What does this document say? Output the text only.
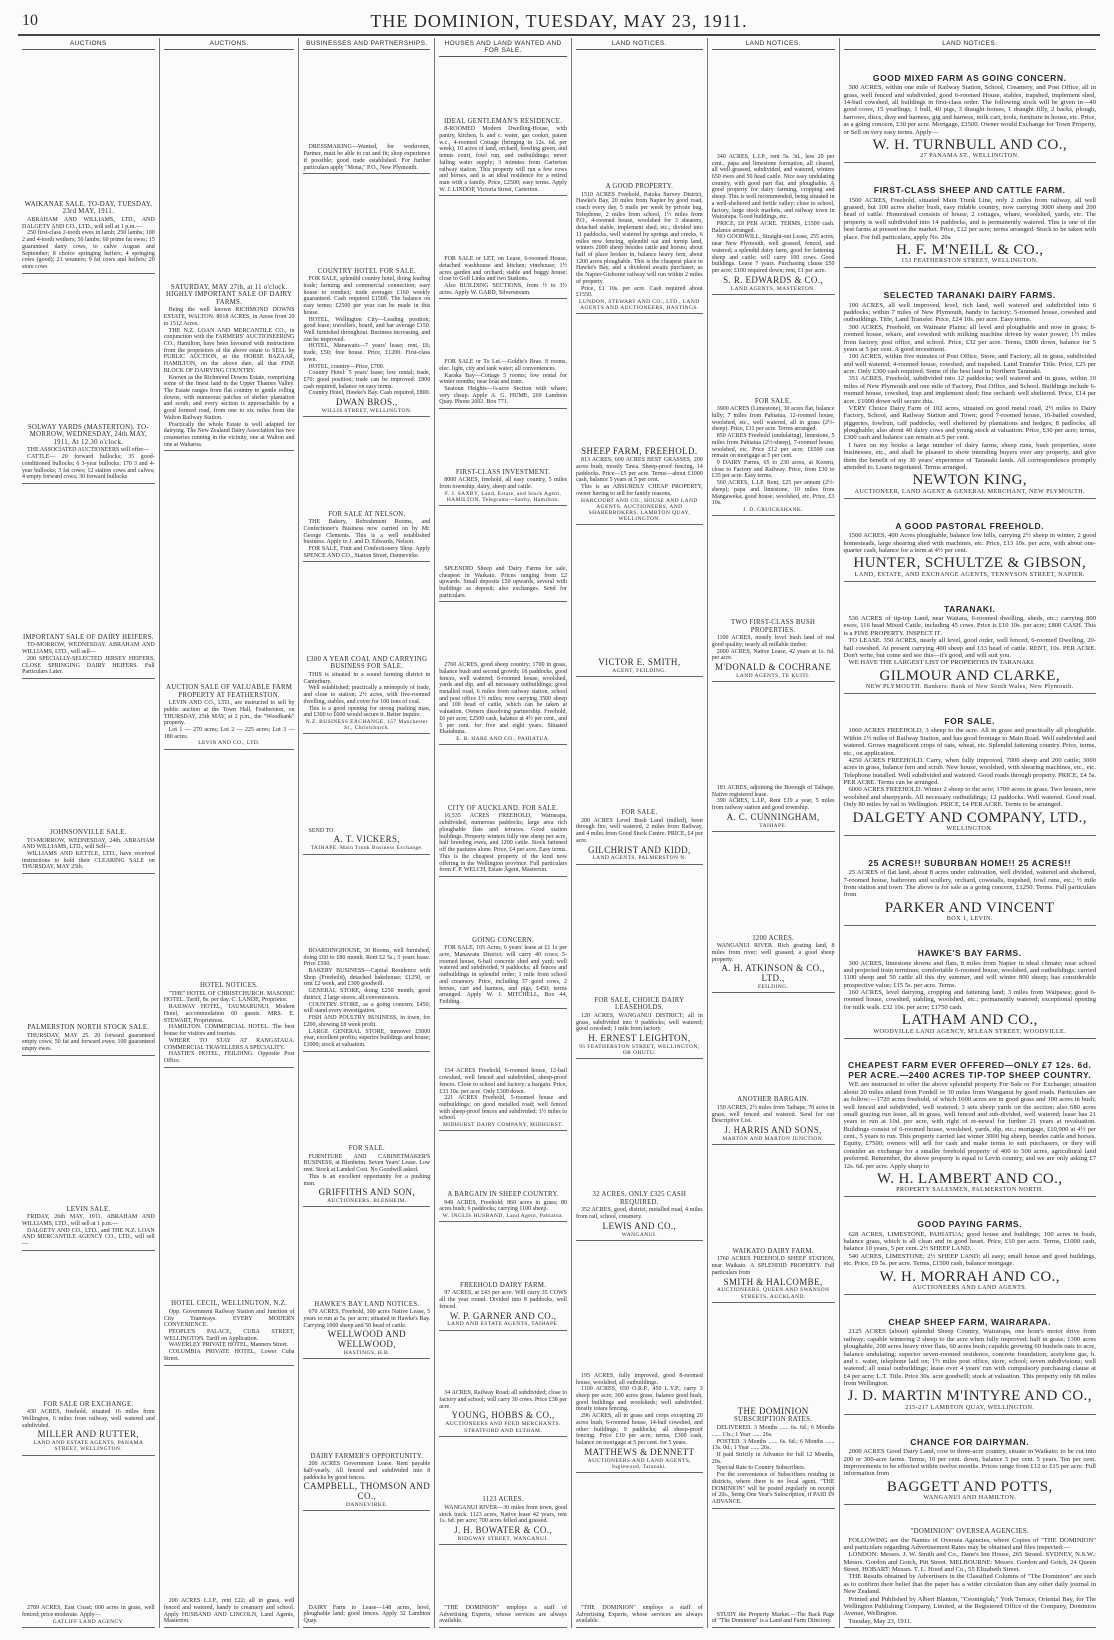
10	THE DOMINION, TUESDAY, MAY 23, 1911.
AUCTIONS
WAIKANAE SALE. TO-DAY, TUESDAY, 23rd MAY, 1911.

ABRAHAM AND WILLIAMS, LTD., AND DALGETY AND CO., LTD., will sell at 1 p.m.—

250 first-class 2-tooth ewes in lamb; 250 lambs; 100 2 and 4-tooth wethers; 50 lambs; 60 prime fat ewes; 15 guaranteed dairy cows, to calve August and September; 8 choice springing heifers; 4 springing cows (good); 21 weaners; 9 fat cows and heifers; 20 store cows

SOLWAY YARDS (MASTERTON). TO-MORROW, WEDNESDAY, 24th MAY, 1911, At 12.30 o'clock.

THE ASSOCIATED AUCTIONEERS will offer—

CATTLE— 20 forward bullocks; 35 good-conditioned bullocks; 6 3-year bullocks; 170 3 and 4-year bullocks; 3 fat cows; 12 station cows and calves; 4 empty forward cows; 30 forward bullocks

IMPORTANT SALE OF DAIRY HEIFERS.

TO-MORROW, WEDNESDAY. ABRAHAM AND WILLIAMS, LTD., will sell—

200 SPECIALLY-SELECTED JERSEY HEIFERS, CLOSE SPRINGING DAIRY HEIFERS. Full Particulars Later.

JOHNSONVILLE SALE.

TO-MORROW, WEDNESDAY, 24th. ABRAHAM AND WILLIAMS, LTD., will Sell—

WILLIAMS AND KETTLE, LTD., have received instructions to hold their CLEARING SALE on THURSDAY, MAY 25th.

PALMERSTON NORTH STOCK SALE.

THURSDAY, MAY 25. 20 forward guaranteed empty cows; 50 fat and forward ewes; 100 guaranteed empty ewes.

LEVIN SALE.

FRIDAY, 26th MAY, 1911. ABRAHAM AND WILLIAMS, LTD., will sell at 1 p.m.—

DALGETY AND CO., LTD., and THE N.Z. LOAN AND MERCANTILE AGENCY CO., LTD., will sell—

FOR SALE OR EXCHANGE.

430 ACRES, freehold, situated 16 miles from Wellington, 6 miles from railway, well watered and subdivided.

MILLER AND RUTTER,
LAND AND ESTATE AGENTS, PANAMA STREET, WELLINGTON.

2789 ACRES, East Coast; 600 acres in grass, well fenced; price moderate. Apply—

GATLIFF LAND AGENCY.
AUCTIONS.
SATURDAY, MAY 27th, at 11 o'clock. HIGHLY IMPORTANT SALE OF DAIRY FARMS.

Being the well known RICHMOND DOWNS ESTATE, WALTON. 8018 ACRES, in Areas from 20 to 1512 Acres.

THE N.Z. LOAN AND MERCANTILE CO., in conjunction with the FARMERS' AUCTIONEERING CO., Hamilton, have been favoured with instructions from the proprietors of the above estate to SELL by PUBLIC AUCTION, at the HORSE BAZAAR, HAMILTON, on the above date, all that FINE BLOCK OF DAIRYING COUNTRY.

Known as the Richmond Downs Estate, comprising some of the finest land in the Upper Thames Valley. The Estate ranges from flat country to gentle rolling downs, with numerous patches of shelter plantation and scrub; and every section is approachable by a good formed road, from one to six miles from the Walton Railway Station.

Practically the whole Estate is well adapted for dairying. The New Zealand Dairy Association has two creameries running in the vicinity, one at Walton and one at Waharoa.

AUCTION SALE OF VALUABLE FARM PROPERTY AT FEATHERSTON.

LEVIN AND CO., LTD., are instructed to sell by public auction at the Town Hall, Featherston, on THURSDAY, 25th MAY, at 2 p.m., the "Woodbank" property.

Lot 1 — 270 acres; Lot 2 — 225 acres; Lot 3 — 180 acres.

LEVIN AND CO., LTD.
HOTEL NOTICES.

"THE" HOTEL OF CHRISTCHURCH. MASONIC HOTEL. Tariff, 8s. per day. C. LANDE, Proprietor.

RAILWAY HOTEL, TAUMARUNUI. Modern Hotel, accommodation 60 guests. MRS. E. STEWART, Proprietress.

HAMILTON. COMMERCIAL HOTEL. The best house for visitors and tourists.

WHERE TO STAY AT RANGATAUA. COMMERCIAL TRAVELLERS A SPECIALITY.

HASTIE'S HOTEL, FEILDING. Opposite Post Office.

HOTEL CECIL, WELLINGTON, N.Z.

Opp. Government Railway Station and Junction of City Tramways. EVERY MODERN CONVENIENCE.

PEOPLE'S PALACE, CUBA STREET, WELLINGTON. Tariff on Application.

WAVERLEY PRIVATE HOTEL, Manners Street.

COLUMBIA PRIVATE HOTEL, Lower Cuba Street.

200 ACRES L.I.P., rent £22; all in grass, well fenced and watered, handy to creamery and school. Apply HUSBAND AND LINCOLN, Land Agents, Masterton.

BUSINESSES AND PARTNERSHIPS.

DRESSMAKING—Wanted, for workroom, Partner, must be able to cut and fit; shop experience if possible; good trade established. For further particulars apply "Mona," P.O., New Plymouth.

COUNTRY HOTEL FOR SALE.

FOR SALE, splendid country hotel, doing leading trade; farming and commercial connection; easy house to conduct; trade averages £160 weekly guaranteed. Cash required £1500. The balance on easy terms; £2500 per year can be made in this house.

HOTEL, Wellington City—Leading position; good lease; travellers, board, and bar average £150. Well furnished throughout. Business increasing, and can be improved.

HOTEL, Manawatu—7 years' lease; rent, £6; trade, £50; free house. Price, £1200. First-class town.

HOTEL, country—Price, £700.

Country Hotel: 5 years' lease; low rental; trade, £70; good position; trade can be improved: £800 cash required, balance on easy terms.

Country Hotel, Hawke's Bay. Cash required, £800.

DWAN BROS.,
WILLIS STREET, WELLINGTON.
FOR SALE AT NELSON.

THE Bakery, Refreshment Rooms, and Confectioner's Business now carried on by Mr. George Clements. This is a well established business. Apply to J. and D. Edwards, Nelson.

FOR SALE, Fruit and Confectionery Shop. Apply SPENCE AND CO., Station Street, Dannevirke.

£300 A YEAR COAL AND CARRYING BUSINESS FOR SALE.

THIS is situated in a sound farming district in Canterbury.

Well established; practically a monopoly of trade, and close to station; 2½ acres, with five-roomed dwelling, stables, and cover for 100 tons of coal.

This is a good opening for strong pushing man, and £300 to £600 would secure it. Better inquire.

N.Z. BUSINESS EXCHANGE, 157 Manchester St., Christchurch.

SEND TO

A. T. VICKERS,
TAIHAPE. Main Trunk Business Exchange.

BOARDINGHOUSE, 30 Rooms, well furnished, doing £60 to £80 month. Rent £2 5s.; 5 years lease. Price £500.

BAKERY BUSINESS—Capital Residence with Shop (Freehold), detached bakehouse; £1250, or rent £2 week, and £300 goodwill.

GENERAL STORE, doing £250 month; good district; 2 large stores; all conveniences.

COUNTRY STORE, as a going concern; £450; will stand every investigation.

FISH AND POULTRY BUSINESS, in town, for £200, showing £8 week profit.

LARGE GENERAL STORE, turnover £5000 year, excellent profits; superior buildings and house; £1000; stock at valuation.

FOR SALE.

FURNITURE AND CABINETMAKER'S BUSINESS, at Blenheim. Seven Years' Lease. Low rent. Stock at Landed Cost. No Goodwill asked.

This is an excellent opportunity for a pushing man.

GRIFFITHS AND SON,
AUCTIONEERS, BLENHEIM.
HAWKE'S BAY LAND NOTICES.

670 ACRES, Freehold, 300 acres Native Lease, 5 years to run at 5s. per acre; situated in Hawke's Bay. Carrying 1000 sheep and 50 head of cattle.

WELLWOOD AND WELLWOOD,
HASTINGS, H.B.
DAIRY FARMER'S OPPORTUNITY.

200 ACRES Government Lease. Rent payable half-yearly. All fenced and subdivided into 8 paddocks by good fences.

CAMPBELL, THOMSON AND CO.,
DANNEVIRKE.

DAIRY Farm to Lease—148 acres, level, ploughable land; good fences. Apply 32 Lambton Quay.

HOUSES AND LAND WANTED AND FOR SALE.
IDEAL GENTLEMAN'S RESIDENCE.

8-ROOMED Modern Dwelling-House, with pantry, kitchen, h. and c. water, gas cooker, patent w.c., 4-roomed Cottage (bringing in 12s. 6d. per week), 10 acres of land, orchard, bowling green, and tennis court, fowl run, and outbuildings; never failing water supply; 3 minutes from Carterton railway station. This property will run a few cows and horses, and is an ideal residence for a retired man with a family. Price, £2500; easy terms. Apply W. J. LINDOP, Victoria Street, Carterton.

FOR SALE or LET, on Lease, 6-roomed House, detached washhouse and kitchen; vinehouse; 1½ acres garden and orchard; stable and buggy house; close to Golf Links and two Stations.

Also BUILDING SECTIONS, from ½ to 3½ acres. Apply W. GARD, Silverstream.

FOR SALE or To Let.—Goldie's Brae. 8 rooms, elec. light, city and tank water; all conveniences.

Karaka Bay—Cottage 5 rooms; low rental for winter months; near boat and tram.

Seatoun Heights—¼-acre Section with whare; very cheap. Apply A. G. HUME, 269 Lambton Quay. Phone 2602. Box 771.

FIRST-CLASS INVESTMENT.

8000 ACRES, freehold, all easy country, 5 miles from township, dairy, sheep and cattle.

F. J. SAXBY, Land, Estate, and Stock Agent, HAMILTON. Telegrams—Saxby, Hamilton.

SPLENDID Sheep and Dairy Farms for sale, cheapest in Waikato. Prices ranging from £2 upwards. Small deposits £50 upwards, several with buildings as deposit; also exchanges. Send for particulars.

2760 ACRES, good sheep country; 1700 in grass, balance bush and second growth; 16 paddocks, good fences, well watered; 6-roomed house, woolshed, yards and dip, and all necessary outbuildings; good metalled road, 6 miles from railway station, school and post office 1½ miles; now carrying 3500 sheep and 100 head of cattle, which can be taken at valuation. Owners dissolving partnership. Freehold, £6 per acre; £2500 cash, balance at 4½ per cent., and 5 per cent. for five and eight years. Situated Ekatahuna.

E. B. HARE AND CO., PAHIATUA.
CITY OF AUCKLAND. FOR SALE.

16,535 ACRES FREEHOLD, Wairarapa, subdivided, numerous paddocks; large area rich ploughable flats and terraces. Good station buildings. Property winters fully one sheep per acre, half breeding ewes, and 1200 cattle. Stock fattened off the pastures alone. Price, £4 per acre. Easy terms. This is the cheapest property of the kind now offering in the Wellington province. Full particulars from F. P. WELCH, Estate Agent, Masterton.

GOING CONCERN.

FOR SALE, 105 Acres, 6 years' lease at £1 1s per acre, Manawatu District; will carry 40 cows; 5-roomed house, 6-bail concrete shed and yard; well watered and subdivided, 9 paddocks; all fences and outbuildings in splendid order; 1 mile from school and creamery. Price, including 37 good cows, 2 horses, cart and harness, and pigs, £450; terms arranged. Apply W. J. MITCHELL, Box 44, Feilding.

154 ACRES Freehold, 6-roomed house, 12-bail cowshed, well fenced and subdivided, sheep-proof fences. Close to school and factory; a bargain. Price, £33 10s. per acre. Only £300 down.

221 ACRES Freehold, 5-roomed house and outbuildings; on good metalled road; well fenced with sheep-proof fences and subdivided; 1½ miles to school.

MIDHURST DAIRY COMPANY, MIDHURST.
A BARGAIN IN SHEEP COUNTRY.

949 ACRES, Freehold; 860 acres in grass; 80 acres bush; 6 paddocks; carrying 1100 sheep.

W. INGLIS HUSBAND, Land Agent, Pahiatua.
FREEHOLD DAIRY FARM.

97 ACRES, at £43 per acre. Will carry 35 COWS all the year round. Divided into 8 paddocks, well fenced.

W. P. GARNER AND CO.,
LAND AND ESTATE AGENTS, TAIHAPE.

34 ACRES, Railway Road; all subdivided; close to factory and school; will carry 30 cows. Price £38 per acre.

YOUNG, HOBBS & CO.,
AUCTIONEERS AND FEED MERCHANTS. STRATFORD AND ELTHAM.
1123 ACRES.

WANGANUI RIVER—30 miles from town, good stock track. 1123 acres, Native lease 42 years, rent 1s. 6d. per acre; 700 acres felled and grassed.

J. H. BOWATER & CO.,
RIDGWAY STREET, WANGANUI.

"THE DOMINION" employs a staff of Advertising Experts, whose services are always available.

LAND NOTICES.
A GOOD PROPERTY.

1510 ACRES Freehold, Patoka Survey District, Hawke's Bay, 20 miles from Napier by good road, coach every day, 5 mails per week by private bag, Telephone, 2 miles from school, 1½ miles from P.O., 4-roomed house, woolshed for 3 shearers, detached stable, implement shed, etc.; divided into 11 paddocks, well watered by springs and creeks, 6 miles new fencing, splendid oat and turnip land, winters 2000 sheep besides cattle and horses; about half of place broken in, balance heavy fern, about 1200 acres ploughable. This is the cheapest place in Hawke's Bay, and a dividend awaits purchaser, as the Napier-Gisborne railway will run within 2 miles of property.

Price, £1 10s. per acre. Cash required about £1550.

LUNDON, STEWART AND CO., LTD., LAND AGENTS AND AUCTIONEERS, HASTINGS.
SHEEP FARM, FREEHOLD.

813 ACRES, 600 ACRES BEST GRASSES, 200 acres bush, mostly Tawa. Sheep-proof fencing, 14 paddocks. Price—£5 per acre. Terms—about £1000 cash, balance 5 years at 5 per cent.

This is an ABSURDLY CHEAP PROPERTY, owner having to sell for family reasons.

HARCOURT AND CO., HOUSE AND LAND AGENTS, AUCTIONEERS, AND SHAREBROKERS, LAMBTON QUAY, WELLINGTON.
VICTOR E. SMITH,
AGENT, FEILDING.
FOR SALE.

200 ACRES Level Bush Land (milled), been through fire, well watered, 2 miles from Railway, and 4 miles from Good Stock Centre. PRICE, £4 per acre.

GILCHRIST AND KIDD,
LAND AGENTS, PALMERSTON N.
FOR SALE, CHOICE DAIRY LEASEHOLDS.

120 ACRES, WANGANUI DISTRICT; all in grass, subdivided into 9 paddocks; well watered; good cowshed; 1 mile from factory.

H. ERNEST LEIGHTON,
95 FEATHERSTON STREET, WELLINGTON, OR OHUTU.
32 ACRES. ONLY £325 CASH REQUIRED.

352 ACRES, good, district, metalled road, 4 miles from rail, school, creamery.

LEWIS AND CO.,
WANGANUI.

195 ACRES, fully improved, good 8-roomed house, woolshed, all outbuildings.

1100 ACRES, 650 O.R.P., 450 L.Y.P.; carry 3 sheep per acre; 300 acres grass, balance good bush, good buildings and woolsheds; well subdivided, mostly totara fencing.

296 ACRES, all in grass and crops excepting 20 acres bush, 6-roomed house, 14-bail cowshed, and other buildings; 9 paddocks; all sheep-proof fencing. Price £10 per acre; terms, £300 cash, balance on mortgage at 5 per cent. for 5 years.

MATTHEWS & DENNETT
AUCTIONEERS AND LAND AGENTS, Inglewood, Taranaki.

"THE DOMINION" employs a staff of Advertising Experts, whose services are always available.

LAND NOTICES.

340 ACRES, L.I.P., rent 5s. 3d., less 20 per cent., papa and limestone formation, all cleared, all well grassed, subdivided, and watered, winters 650 ewes and 50 head cattle. Nice easy undulating country, with good part flat, and ploughable. A good property for dairy farming, cropping and sheep. This is well recommended, being situated in a well-sheltered and fertile valley; close to school, factory, large stock markets, and railway town in Wairarapa. Good buildings, etc.

PRICE, £8 PER ACRE. TERMS, £1500 cash. Balance arranged.

NO GOODWILL, Straight-out Lease, 255 acres, near New Plymouth, well grassed, fenced, and watered; a splendid dairy farm, good for fattening sheep and cattle; will carry 100 cows. Good buildings. Lease 7 years. Purchasing clause £50 per acre; £100 required down; rent, £1 per acre.

S. R. EDWARDS & CO.,
LAND AGENTS, MASTERTON.
FOR SALE.

3900 ACRES (Limestone), 30 acres flat, balance hilly; 7 miles from Pahiatua, 12-roomed house, woolshed, etc., well watered, all in grass (2½-sheep). Price, £11 per acre. Terms arranged.

850 ACRES Freehold (undulating), limestone, 5 miles from Pahiatua (2½-sheep), 7-roomed house, woolshed, etc. Price £12 per acre; £6500 can remain on mortgage at 5 per cent.

9 DAIRY Farms, 65 to 230 acres, at Koreru, close to Factory and Railway. Price, from £30 to £35 per acre. Easy terms.

560 ACRES, L.I.P. Rent, £25 per annum (2½-sheep); papa and limestone, 10 miles from Mangaweka; good house, woolshed, etc. Price, £3 10s.

J. D. CRUICKSHANK.
TWO FIRST-CLASS BUSH PROPERTIES.

1100 ACRES, mostly level bush land of real good quality; nearly all millable timber.

2000 ACRES, Native Lease, 42 years at 1s. 6d. per acre.

M'DONALD & COCHRANE
LAND AGENTS, TE KUITI.

181 ACRES, adjoining the Borough of Taihape, Native registered lease.

390 ACRES, L.I.P., Rent £19 a year, 5 miles from railway station and good township.

A. C. CUNNINGHAM,
TAIHAPE.
1200 ACRES.

WANGANUI RIVER. Rich grazing land, 8 miles from river; well grassed; a good sheep property.

A. H. ATKINSON & CO., LTD.,
FEILDING.
ANOTHER BARGAIN.

150 ACRES, 2½ miles from Taihape, 70 acres in grass, well fenced and watered. Send for our Descriptive List.

J. HARRIS AND SONS,
MARTON AND MARTON JUNCTION.
WAIKATO DAIRY FARM.

1760 ACRES FREEHOLD SHEEP STATION, near Waikato. A SPLENDID PROPERTY. Full particulars from

SMITH & HALCOMBE,
AUCTIONEERS, QUEEN AND SWANSON STREETS, AUCKLAND.
THE DOMINION
SUBSCRIPTION RATES.

DELIVERED. 3 Months ...... 6s. 6d.; 6 Months ...... 13s.; 1 Year ...... 26s.

POSTED. 3 Months ...... 6s. 6d.; 6 Months ...... 13s. 0d.; 1 Year ...... 26s.

If paid Strictly in Advance for full 12 Months, 20s.

Special Rate to Country Subscribers.

For the convenience of Subscribers residing in districts, where there is no local agent, "THE DOMINION" will be posted regularly on receipt of 20s., being One Year's Subscription, if PAID IN ADVANCE.

STUDY the Property Market.—The Back Page of "The Dominion" is a Land and Farm Directory.

LAND NOTICES.
GOOD MIXED FARM AS GOING CONCERN.

300 ACRES, within one mile of Railway Station, School, Creamery, and Post Office, all in grass, well fenced and subdivided, good 6-roomed House, stables, trapshed, implement shed, 14-bail cowshed, all buildings in first-class order. The following stock will be given in—40 good cows, 15 yearlings, 1 bull, 40 pigs, 3 draught horses, 1 draught filly, 2 hacks, plough, harrows, discs, dray and harness, gig and harness, milk cart, tools, furniture in house, etc. Price, as a going concern, £30 per acre. Mortgage, £3500. Owner would Exchange for Town Property, or Sell on very easy terms. Apply—

W. H. TURNBULL AND CO.,
27 PANAMA ST., WELLINGTON.
FIRST-CLASS SHEEP AND CATTLE FARM.

1500 ACRES, Freehold, situated Main Trunk Line, only 2 miles from railway, all well grassed, but 100 acres shelter bush, easy ridable country, now carrying 3000 sheep and 200 head of cattle. Homestead consists of house, 2 cottages, whare, woolshed, yards, etc. The property is well subdivided into 14 paddocks, and is permanently watered. This is one of the best farms at present on the market. Price, £12 per acre; terms arranged. Stock to be taken with place. For full particulars, apply No. 20a

H. F. M'NEILL & CO.,
153 FEATHERSTON STREET, WELLINGTON.
SELECTED TARANAKI DAIRY FARMS.

100 ACRES, all well improved, level, rich land, well watered and subdivided into 6 paddocks; within 7 miles of New Plymouth, handy to factory; 5-roomed house, cowshed and outbuildings. Title, Land Transfer. Price, £24 10s. per acre. Easy terms.

300 ACRES, Freehold, on Waimate Plains; all level and ploughable and now in grass; 6-roomed house, whare, and cowshed with milking machine driven by water power; 1½ miles from factory, post office, and school. Price, £32 per acre. Terms, £800 down, balance for 5 years at 5 per cent. A good investment.

100 ACRES, within five minutes of Post Office, Store, and Factory; all in grass, subdivided and well watered; 4-roomed house, cowshed, and trapshed. Land Transfer Title. Price, £25 per acre. Only £300 cash required. Some of the best land in Northern Taranaki.

351 ACRES, Freehold, subdivided into 12 paddocks; well watered and in grass, within 10 miles of New Plymouth and one mile of Factory, Post Office, and School. Buildings include 6-roomed house, cowshed, trap and implement shed; fine orchard; well sheltered. Price, £14 per acre. £1000 down will secure this.

VERY Choice Dairy Farm of 102 acres, situated on good metal road, 2½ miles to Dairy Factory, School, and Railway Station and Town; good 7-roomed house, 10-bailed cowshed, piggeries, fowlrun, calf paddocks, well sheltered by plantations and hedges; 8 padlocks, all ploughable; also about 40 dairy cows and young stock at valuation. Price, £30 per acre; terms, £300 cash and balance can remain at 5 per cent.

I have on my books a large number of dairy farms, sheep runs, bush properties, store businesses, etc., and shall be pleased to show intending buyers over any property, and give them the benefit of my 30 years' experience of Taranaki lands. All correspondence promptly attended to. Loans negotiated. Terms arranged.

NEWTON KING,
AUCTIONEER, LAND AGENT & GENERAL MERCHANT, NEW PLYMOUTH.
A GOOD PASTORAL FREEHOLD.

1500 ACRES, 400 Acres ploughable, balance low hills, carrying 2½ sheep in winter; 2 good homesteads, large shearing shed with machines, etc. Price, £13 10s. per acre, with about one-quarter cash, balance for a term at 4½ per cent.

HUNTER, SCHULTZE & GIBSON,
LAND, ESTATE, AND EXCHANGE AGENTS, TENNYSON STREET, NAPIER.
TARANAKI.

536 ACRES of tip-top Land, near Waitara, 6-roomed dwelling, sheds, etc.; carrying 800 ewes, 116 head Mixed Cattle, including 45 cows. Price is £10 10s. per acre; £800 CASH. This is a FINE PROPERTY. INSPECT IT.

TO LEASE. 350 ACRES, nearly all level, good order, well fenced, 6-roomed Dwelling, 20-bail cowshed. At present carrying 400 sheep and 133 head of cattle. RENT, 10s. PER ACRE. Don't write, but come and see this—it's good, and will suit you.

WE HAVE THE LARGEST LIST OF PROPERTIES IN TARANAKI.

GILMOUR AND CLARKE,
NEW PLYMOUTH. Bankers: Bank of New South Wales, New Plymouth.
FOR SALE.

1060 ACRES FREEHOLD, 3 sheep to the acre. All in grass and practically all ploughable. Within 1½ miles of Railway Station, and has good frontage to Main Road. Well subdivided and watered. Grows magnificent crops of oats, wheat, etc. Splendid fattening country. Price, terms, etc., on application.

4250 ACRES FREEHOLD. Carry, when fully improved, 7000 sheep and 200 cattle; 3000 acres in grass, balance fern and scrub. New house, woolshed, with shearing machines, etc., etc. Telephone installed. Well subdivided and watered. Good roads through property. PRICE, £4 5s. PER ACRE. Terms can be arranged.

6000 ACRES FREEHOLD. Winter 2 sheep to the acre; 1700 acres in grass. Two houses, new woolshed and sheepyards. All necessary outbuildings; 12 paddocks. Well watered. Good road. Only 80 miles by rail to Wellington. PRICE, £4 PER ACRE. Terms to be arranged.

DALGETY AND COMPANY, LTD.,
WELLINGTON.
25 ACRES!! SUBURBAN HOME!! 25 ACRES!!

25 ACRES of flat land, about 8 acres under cultivation, well divided, watered and sheltered, 7-roomed house, bathroom and scullery, orchard, cowstalls, trapshed, fowl runs, etc.; ½ mile from station and town. The above is for sale as a going concern, £1250. Terms. Full particulars from

PARKER AND VINCENT
BOX 1, LEVIN.
HAWKE'S BAY FARMS.

300 ACRES, limestone downs and flats, 8 miles from Napier in ideal climate; near school and projected train terminus; comfortable 6-roomed house, woolshed, and outbuildings; carried 1100 sheep and 50 cattle all this dry summer, and will winter 800 sheep; has considerable prospective value; £15 5s. per acre. Terms.

160 ACRES, level dairying, cropping and fattening land; 3 miles from Waipawa; good 6-roomed house, cowshed, stabling, woolshed, etc.; permanently watered; exceptional opening for milk walk. £32 10s. per acre; £1750 cash.

LATHAM AND CO.,
WOODVILLE LAND AGENCY, M'LEAN STREET, WOODVILLE.
CHEAPEST FARM EVER OFFERED—ONLY £7 12s. 6d. PER ACRE.—2400 ACRES TIP-TOP SHEEP COUNTRY.

WE are instructed to offer the above splendid property For Sale or For Exchange; situation about 20 miles inland from Fordell or 30 miles from Wanganui by good roads. Particulars are as follow:—1720 acres freehold, of which 1600 acres are in good grass and 100 acres in bush; well fenced and subdivided, well watered, 3 sets sheep yards on the section; also 680 acres small grazing run lease, all in grass, well fenced and sub-divided, well watered; lease has 21 years to run at 10d. per acre, with right of re-newal for further 21 years at revaluation. Buildings consist of 6-roomed house, woolshed, yards, dip, etc.; mortgage, £10,900 at 4½ per cent., 5 years to run. This property carried last winter 3000 big sheep, besides cattle and horses. Equity, £7500; owners will sell for cash and make terms to suit purchasers, or they will consider an exchange for a smaller freehold property of 400 to 500 acres, agricultural land preferred. Remember, the above property is equal to Levin country, and we are only asking £7 12s. 6d. per acre. Apply sharp to

W. H. LAMBERT AND CO.,
PROPERTY SALESMEN, PALMERSTON NORTH.
GOOD PAYING FARMS.

628 ACRES, LIMESTONE, PAHIATUA; good house and buildings; 100 acres in bush, balance grass, which is all clean and in good heart. Price, £10 per acre. Terms, £1000 cash, balance 10 years, 5 per cent. 2½ SHEEP LAND.

540 ACRES, LIMESTONE; 2½ SHEEP LAND; all easy; small house and good buildings, etc. Price, £9 5s. per acre. Terms, £1500 cash, balance mortgage.

W. H. MORRAH AND CO.,
AUCTIONEERS AND LAND AGENTS.
CHEAP SHEEP FARM, WAIRARAPA.

2125 ACRES (about) splendid Sheep Country, Wairarapa, one hour's motor drive from railway; capable wintering 2 sheep to the acre when fully improved; half in grass; 1300 acres ploughable, 200 acres heavy river flats, 60 acres bush; capable growing 60 bushels oats to acre, balance undulating; superior seven-roomed residence, concrete foundation; acetylene gas, h. and c. water, telephone laid on; 1½ miles post office, store, school; seven subdivisions; well watered; all usual outbuildings; lease over 4 years' run with compulsory purchasing clause at £4 per acre; L.T. Title. Price 30s. acre goodwill; stock at valuation. This property only 68 miles from Wellington.

J. D. MARTIN M'INTYRE AND CO.,
215-217 LAMBTON QUAY, WELLINGTON.
CHANCE FOR DAIRYMAN.

2000 ACRES Good Dairy Land, cow to three-acre country, situate in Waikato; to be cut into 200 or 300-acre farms. Terms, 10 per cent. down, balance 5 per cent. 5 years. Ten per cent. improvements to be effected within twelve months. Prices range from £12 to £15 per acre. Full information from

BAGGETT AND POTTS,
WANGANUI AND HAMILTON.
"DOMINION" OVERSEA AGENCIES.

FOLLOWING are the Names of Oversea Agencies, where Copies of "THE DOMINION" and particulars regarding Advertisement Rates may be obtained and files inspected:—

LONDON: Messrs. J. W. Smith and Co., Dane's Inn House, 265 Strand. SYDNEY, N.S.W.: Messrs. Gordon and Gotch, Pitt Street. MELBOURNE: Messrs. Gordon and Gotch, 24 Queen Street. HOBART: Messrs. T. L. Hood and Co., 55 Elizabeth Street.

THE Results obtained by Advertisers in the Classified Columns of "The Dominion" are such as to confirm their belief that the paper has a wider circulation than any other daily journal in New Zealand.

Printed and Published by Albert Blanton, "Ceoninglah," York Terrace, Oriental Bay, for The Wellington Publishing Company, Limited, at the Registered Office of the Company, Dominion Avenue, Wellington.

Tuesday, May 23, 1911.
